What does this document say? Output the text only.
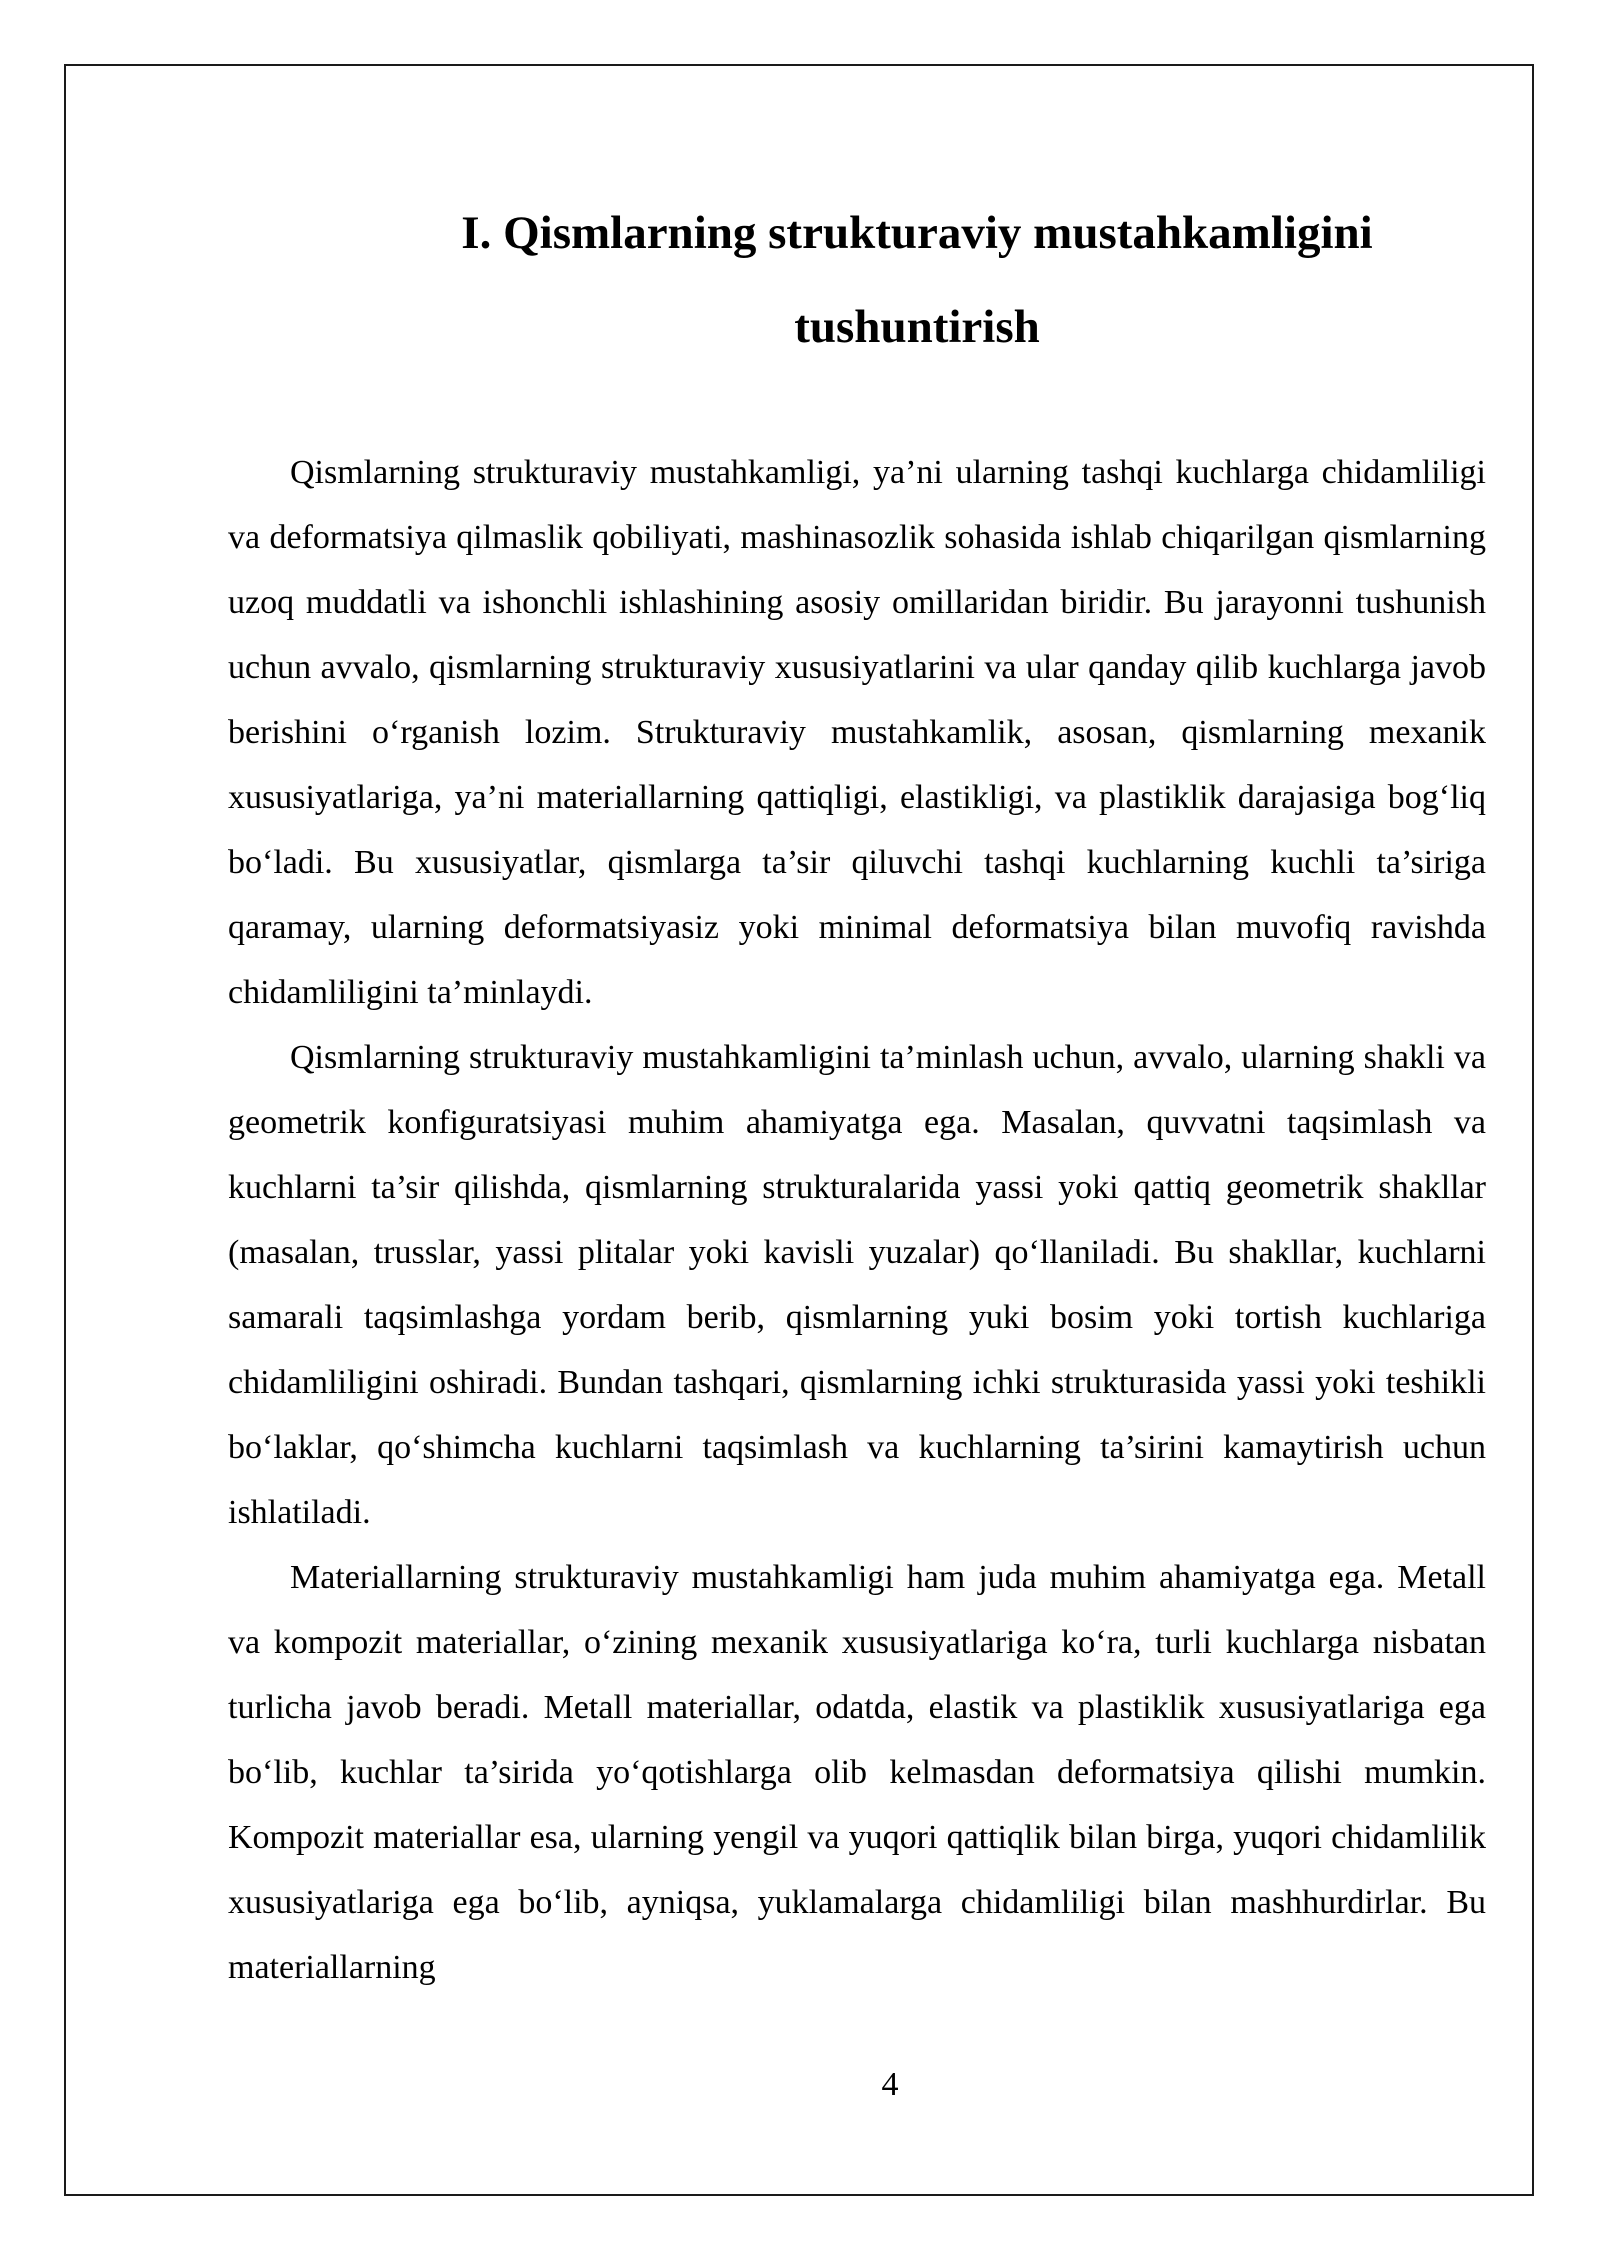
I. Qismlarning strukturaviy mustahkamligini tushuntirish

Qismlarning strukturaviy mustahkamligi, ya’ni ularning tashqi kuchlarga chidamliligi va deformatsiya qilmaslik qobiliyati, mashinasozlik sohasida ishlab chiqarilgan qismlarning uzoq muddatli va ishonchli ishlashining asosiy omillaridan biridir. Bu jarayonni tushunish uchun avvalo, qismlarning strukturaviy xususiyatlarini va ular qanday qilib kuchlarga javob berishini o‘rganish lozim. Strukturaviy mustahkamlik, asosan, qismlarning mexanik xususiyatlariga, ya’ni materiallarning qattiqligi, elastikligi, va plastiklik darajasiga bog‘liq bo‘ladi. Bu xususiyatlar, qismlarga ta’sir qiluvchi tashqi kuchlarning kuchli ta’siriga qaramay, ularning deformatsiyasiz yoki minimal deformatsiya bilan muvofiq ravishda chidamliligini ta’minlaydi.

Qismlarning strukturaviy mustahkamligini ta’minlash uchun, avvalo, ularning shakli va geometrik konfiguratsiyasi muhim ahamiyatga ega. Masalan, quvvatni taqsimlash va kuchlarni ta’sir qilishda, qismlarning strukturalarida yassi yoki qattiq geometrik shakllar (masalan, trusslar, yassi plitalar yoki kavisli yuzalar) qo‘llaniladi. Bu shakllar, kuchlarni samarali taqsimlashga yordam berib, qismlarning yuki bosim yoki tortish kuchlariga chidamliligini oshiradi. Bundan tashqari, qismlarning ichki strukturasida yassi yoki teshikli bo‘laklar, qo‘shimcha kuchlarni taqsimlash va kuchlarning ta’sirini kamaytirish uchun ishlatiladi.

Materiallarning strukturaviy mustahkamligi ham juda muhim ahamiyatga ega. Metall va kompozit materiallar, o‘zining mexanik xususiyatlariga ko‘ra, turli kuchlarga nisbatan turlicha javob beradi. Metall materiallar, odatda, elastik va plastiklik xususiyatlariga ega bo‘lib, kuchlar ta’sirida yo‘qotishlarga olib kelmasdan deformatsiya qilishi mumkin. Kompozit materiallar esa, ularning yengil va yuqori qattiqlik bilan birga, yuqori chidamlilik xususiyatlariga ega bo‘lib, ayniqsa, yuklamalarga chidamliligi bilan mashhurdirlar. Bu materiallarning

4
